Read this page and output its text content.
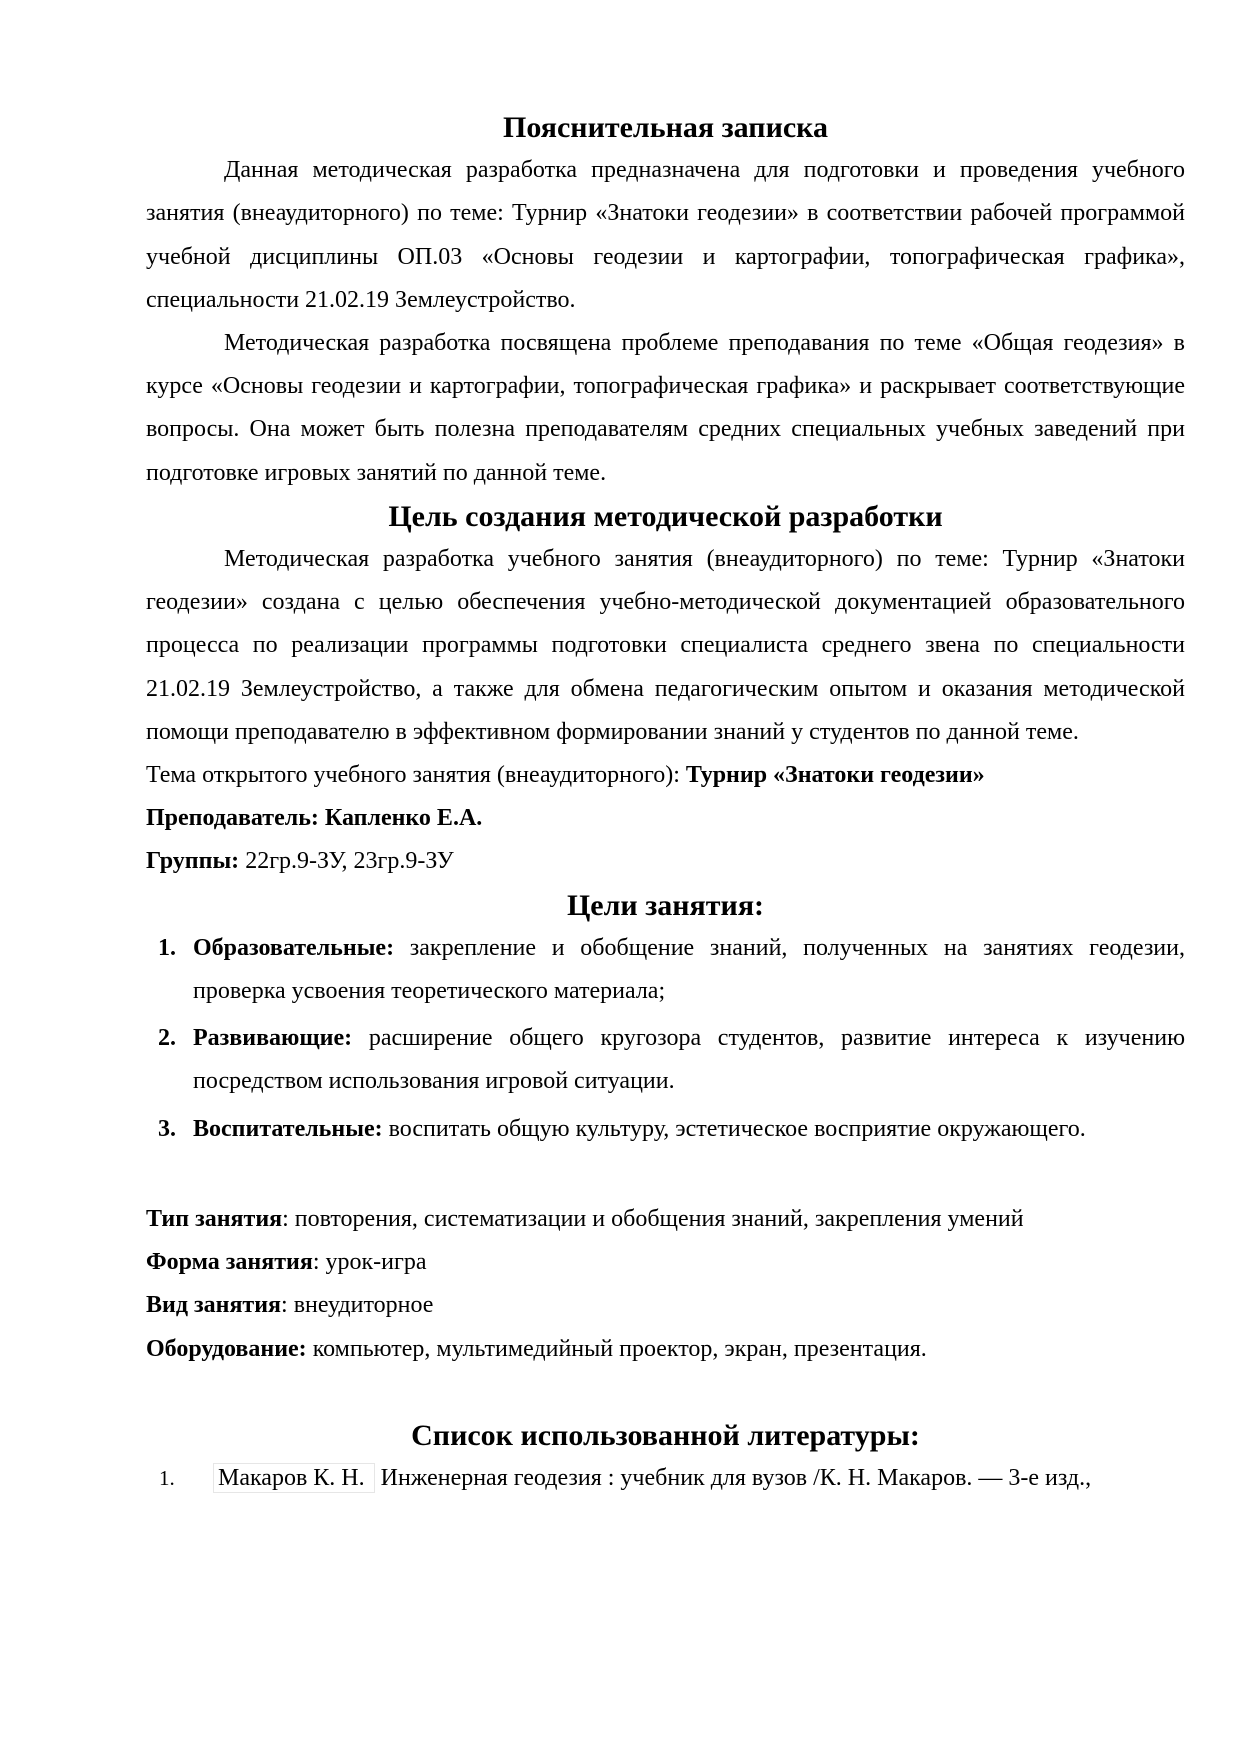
Пояснительная записка

Данная методическая разработка предназначена для подготовки и проведения учебного занятия (внеаудиторного) по теме: Турнир «Знатоки геодезии» в соответствии рабочей программой учебной дисциплины ОП.03 «Основы геодезии и картографии, топографическая графика», специальности 21.02.19 Землеустройство.

Методическая разработка посвящена проблеме преподавания по теме «Общая геодезия» в курсе «Основы геодезии и картографии, топографическая графика» и раскрывает соответствующие вопросы. Она может быть полезна преподавателям средних специальных учебных заведений при подготовке игровых занятий по данной теме.

Цель создания методической разработки

Методическая разработка учебного занятия (внеаудиторного) по теме: Турнир «Знатоки геодезии» создана с целью обеспечения учебно-методической документацией образовательного процесса по реализации программы подготовки специалиста среднего звена по специальности 21.02.19 Землеустройство, а также для обмена педагогическим опытом и оказания методической помощи преподавателю в эффективном формировании знаний у студентов по данной теме.

Тема открытого учебного занятия (внеаудиторного): Турнир «Знатоки геодезии»

Преподаватель: Капленко Е.А.

Группы: 22гр.9-ЗУ, 23гр.9-ЗУ

Цели занятия:
1. Образовательные: закрепление и обобщение знаний, полученных на занятиях геодезии, проверка усвоения теоретического материала;
2. Развивающие: расширение общего кругозора студентов, развитие интереса к изучению посредством использования игровой ситуации.
3. Воспитательные: воспитать общую культуру, эстетическое восприятие окружающего.

Тип занятия: повторения, систематизации и обобщения знаний, закрепления умений

Форма занятия: урок-игра

Вид занятия: внеудиторное

Оборудование: компьютер, мультимедийный проектор, экран, презентация.

Список использованной литературы:
1.	Макаров К. Н. Инженерная геодезия : учебник для вузов /К. Н. Макаров. — 3-е изд.,
